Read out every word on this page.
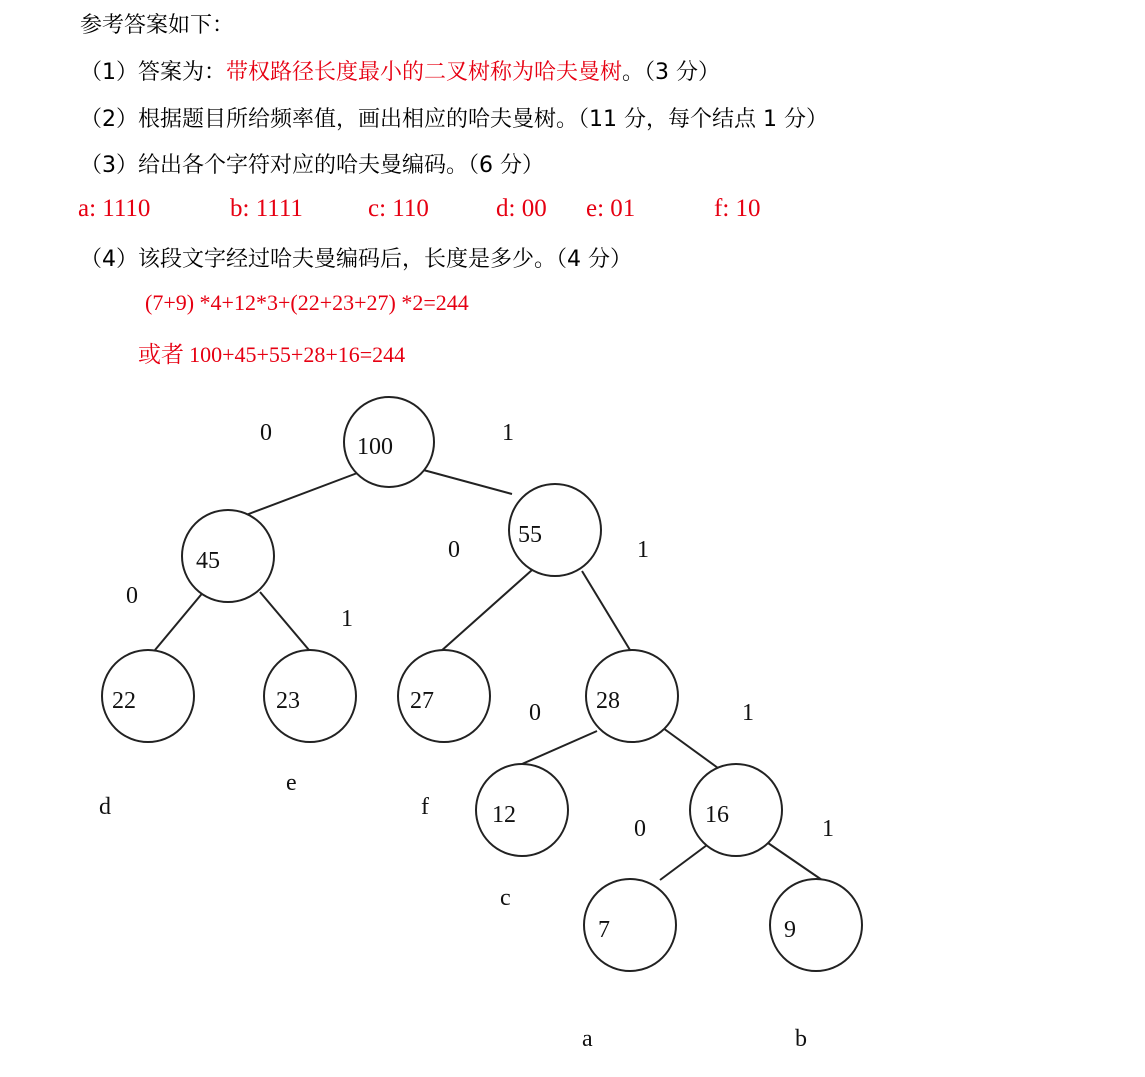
参考答案如下：
（1）答案为：带权路径长度最小的二叉树称为哈夫曼树。（3 分）
（2）根据题目所给频率值，画出相应的哈夫曼树。（11 分，每个结点 1 分）
（3）给出各个字符对应的哈夫曼编码。（6 分）
a: 1110	b: 1111	c: 110	d: 00 e: 01	f: 10
（4）该段文字经过哈夫曼编码后，长度是多少。（4 分）
(7+9) *4+12*3+(22+23+27) *2=244
或者 100+45+55+28+16=244
100
45
55
22	23	27	28
12	16
7	9
0	1
0
1
0	1
0	1
0	1
d
e
f
c
a	b
